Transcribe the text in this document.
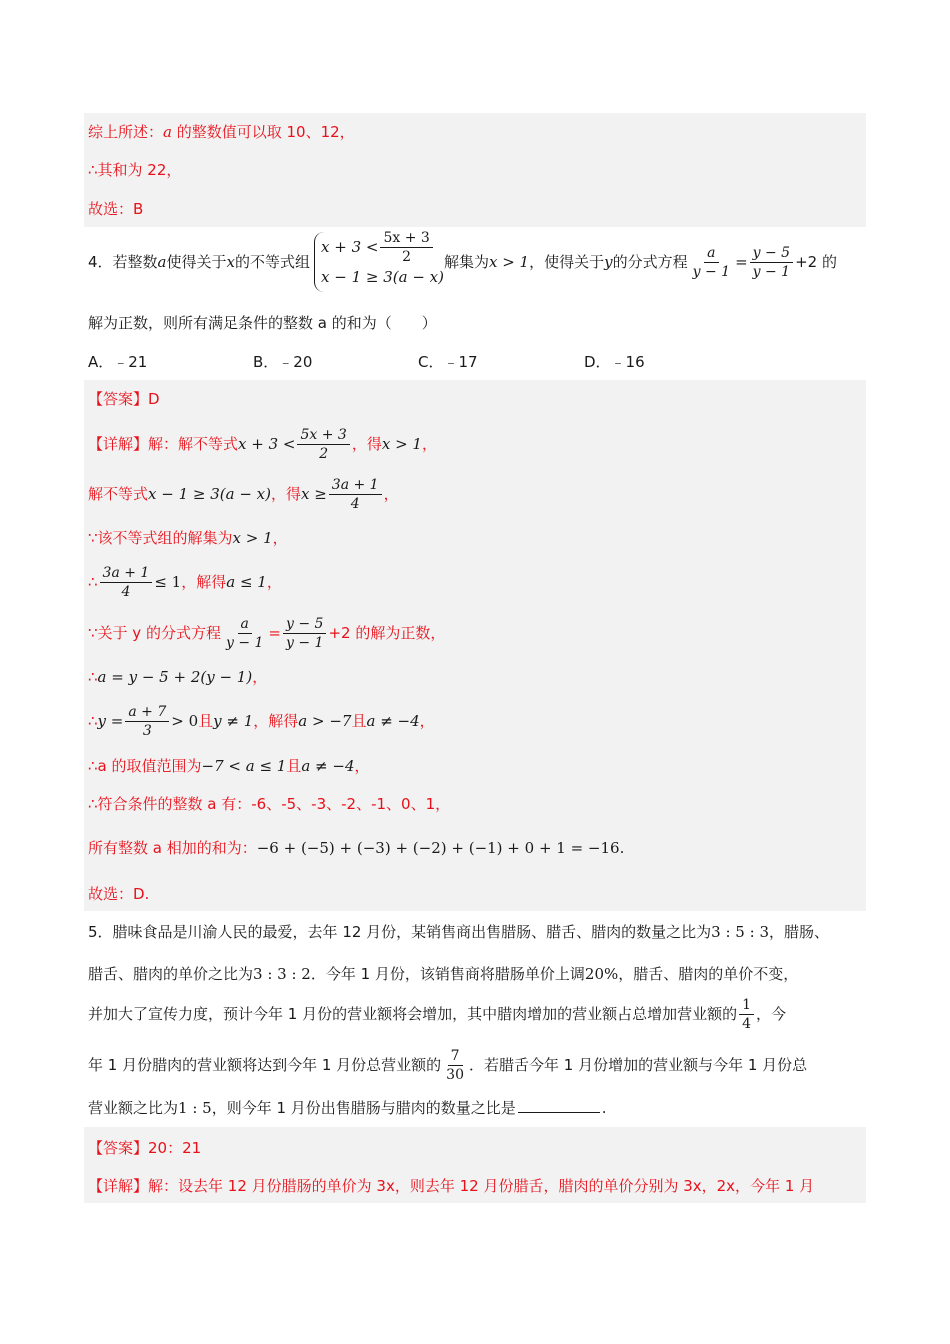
综上所述：a 的整数值可以取 10、12，
∴其和为 22，
故选：B
4．若整数 a 使得关于 x 的不等式组
$x + 3 < \frac{5x + 3}{2}$
x − 1 ≥ 3(a − x)
解集为 x > 1 ，使得关于 y 的分式方程 $\frac{a}{y - 1} = \frac{y - 5}{y - 1} +2$ 的
解为正数，则所有满足条件的整数 a 的和为（　　）
A．﹣21	B．﹣20	C．﹣17	D．﹣16
【答案】D
【详解】 解：解不等式 $x + 3 < \frac{5x + 3}{2}$ ，得 x > 1 ，
解不等式 x − 1 ≥ 3(a − x) ，得 $x \ge \frac{3a + 1}{4}$ ，
∵该不等式组的解集为x > 1，
∴ $\frac{3a + 1}{4} \le 1$ ，解得 a ≤ 1 ，
∵关于 y 的分式方程 $\frac{a}{y - 1} = \frac{y - 5}{y - 1} +2$ 的解为正数，
∴a = y − 5 + 2(y − 1)，
∴ $y = \frac{a + 7}{3} > 0$ 且 y ≠ 1 ，解得 a > −7 且 a ≠ −4 ，
∴a 的取值范围为−7 < a ≤ 1且a ≠ −4，
∴符合条件的整数 a 有：-6、-5、-3、-2、-1、0、1，
所有整数 a 相加的和为：−6 + (−5) + (−3) + (−2) + (−1) + 0 + 1 = −16.
故选：D.
5．腊味食品是川渝人民的最爱，去年 12 月份，某销售商出售腊肠、腊舌、腊肉的数量之比为3 : 5 : 3，腊肠、
腊舌、腊肉的单价之比为3 : 3 : 2．今年 1 月份，该销售商将腊肠单价上调20%，腊舌、腊肉的单价不变，
并加大了宣传力度，预计今年 1 月份的营业额将会增加，其中腊肉增加的营业额占总增加营业额的 $\frac{1}{4}$ ，今
年 1 月份腊肉的营业额将达到今年 1 月份总营业额的 $\frac{7}{30}$ ．若腊舌今年 1 月份增加的营业额与今年 1 月份总
营业额之比为1 : 5，则今年 1 月份出售腊肠与腊肉的数量之比是	.
【答案】20：21
【详解】解：设去年 12 月份腊肠的单价为 3x，则去年 12 月份腊舌，腊肉的单价分别为 3x，2x，今年 1 月
